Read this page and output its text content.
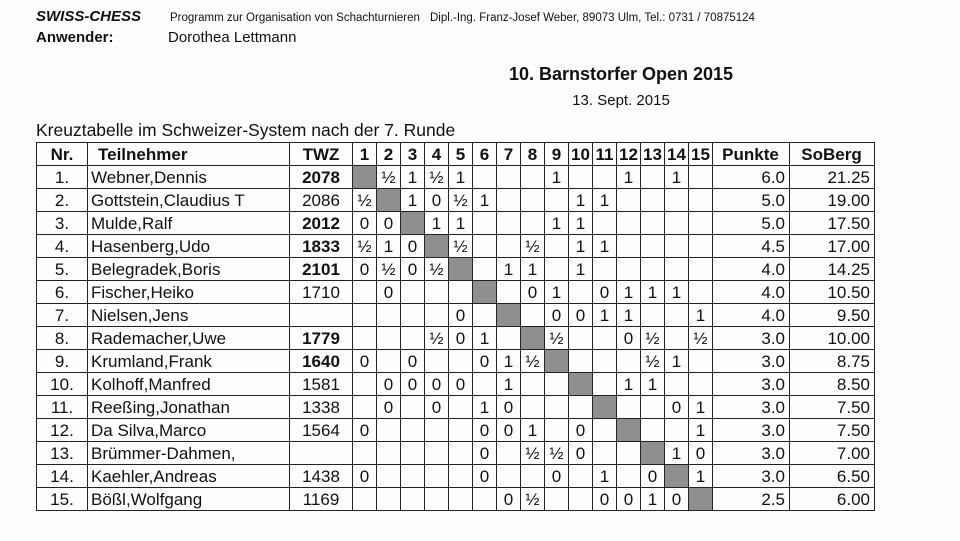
SWISS-CHESS	Programm zur Organisation von Schachturnieren Dipl.-Ing. Franz-Josef Weber, 89073 Ulm, Tel.: 0731 / 70875124
Anwender:	Dorothea Lettmann
10. Barnstorfer Open 2015
13. Sept. 2015
Kreuztabelle im Schweizer-System nach der 7. Runde
Nr.	Teilnehmer	TWZ	1	2	3	4	5	6	7	8	9	10	11	12	13	14	15	Punkte	SoBerg
1.	Webner,Dennis	2078		½	1	½	1				1			1		1		6.0	21.25
2.	Gottstein,Claudius T	2086	½		1	0	½	1				1	1					5.0	19.00
3.	Mulde,Ralf	2012	0	0		1	1				1	1						5.0	17.50
4.	Hasenberg,Udo	1833	½	1	0		½			½		1	1					4.5	17.00
5.	Belegradek,Boris	2101	0	½	0	½			1	1		1						4.0	14.25
6.	Fischer,Heiko	1710		0						0	1		0	1	1	1		4.0	10.50
7.	Nielsen,Jens						0				0	0	1	1			1	4.0	9.50
8.	Rademacher,Uwe	1779				½	0	1			½			0	½		½	3.0	10.00
9.	Krumland,Frank	1640	0		0			0	1	½					½	1		3.0	8.75
10.	Kolhoff,Manfred	1581		0	0	0	0		1					1	1			3.0	8.50
11.	Reeßing,Jonathan	1338		0		0		1	0							0	1	3.0	7.50
12.	Da Silva,Marco	1564	0					0	0	1		0					1	3.0	7.50
13.	Brümmer-Dahmen,							0		½	½	0				1	0	3.0	7.00
14.	Kaehler,Andreas	1438	0					0			0		1		0		1	3.0	6.50
15.	Bößl,Wolfgang	1169							0	½			0	0	1	0		2.5	6.00
